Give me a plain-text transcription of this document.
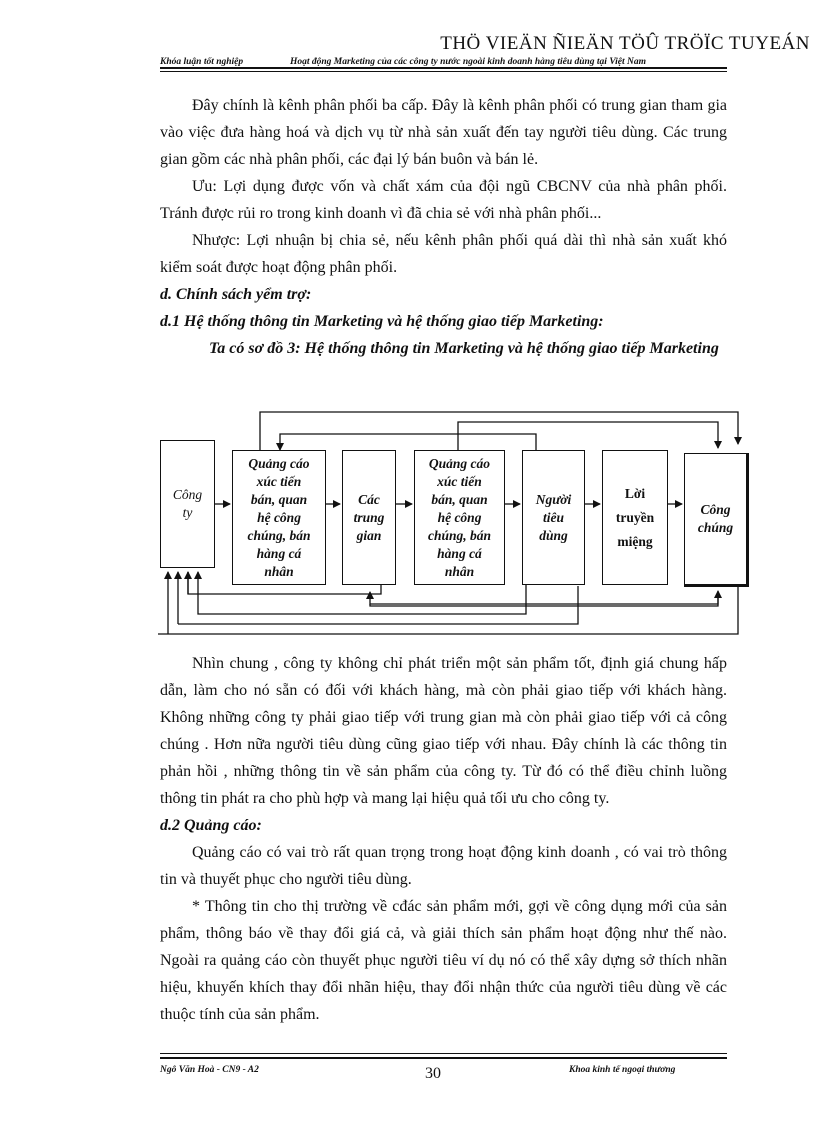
THÖ VIEÄN ÑIEÄN TÖÛ TRÖÏC TUYEÁN
Khóa luận tốt nghiệp	Hoạt động Marketing của các công ty nước ngoài kinh doanh hàng tiêu dùng tại Việt Nam

Đây chính là kênh phân phối ba cấp. Đây là kênh phân phối có trung gian tham gia vào việc đưa hàng hoá và dịch vụ từ nhà sản xuất đến tay người tiêu dùng. Các trung gian gồm các nhà phân phối, các đại lý bán buôn và bán lẻ.

Ưu: Lợi dụng được vốn và chất xám của đội ngũ CBCNV của nhà phân phối. Tránh được rủi ro trong kinh doanh vì đã chia sẻ với nhà phân phối...

Nhược: Lợi nhuận bị chia sẻ, nếu kênh phân phối quá dài thì nhà sản xuất khó kiểm soát được hoạt động phân phối.

d. Chính sách yểm trợ:

d.1 Hệ thống thông tin Marketing và hệ thống giao tiếp Marketing:

Ta có sơ đồ 3: Hệ thống thông tin Marketing và hệ thống giao tiếp Marketing

Công
ty
Quảng cáo
xúc tiến
bán, quan
hệ công
chúng, bán
hàng cá
nhân
Các
trung
gian
Quảng cáo
xúc tiến
bán, quan
hệ công
chúng, bán
hàng cá
nhân
Người
tiêu
dùng
Lời
truyền
miệng
Công
chúng

Nhìn chung , công ty không chỉ phát triển một sản phẩm tốt, định giá chung hấp dẫn, làm cho nó sẵn có đối với khách hàng, mà còn phải giao tiếp với khách hàng. Không những công ty phải giao tiếp với trung gian mà còn phải giao tiếp với cả công chúng . Hơn nữa người tiêu dùng cũng giao tiếp với nhau. Đây chính là các thông tin phản hồi , những thông tin về sản phẩm của công ty. Từ đó có thể điều chỉnh luồng thông tin phát ra cho phù hợp và mang lại hiệu quả tối ưu cho công ty.

d.2 Quảng cáo:

Quảng cáo có vai trò rất quan trọng trong hoạt động kinh doanh , có vai trò thông tin và thuyết phục cho người tiêu dùng.

* Thông tin cho thị trường về cđác sản phẩm mới, gợi về công dụng mới của sản phẩm, thông báo về thay đổi giá cả, và giải thích sản phẩm hoạt động như thế nào. Ngoài ra quảng cáo còn thuyết phục người tiêu ví dụ nó có thể xây dựng sở thích nhãn hiệu, khuyến khích thay đổi nhãn hiệu, thay đổi nhận thức của người tiêu dùng về các thuộc tính của sản phẩm.

Ngô Văn Hoà - CN9 - A2	30	Khoa kinh tế ngoại thương
